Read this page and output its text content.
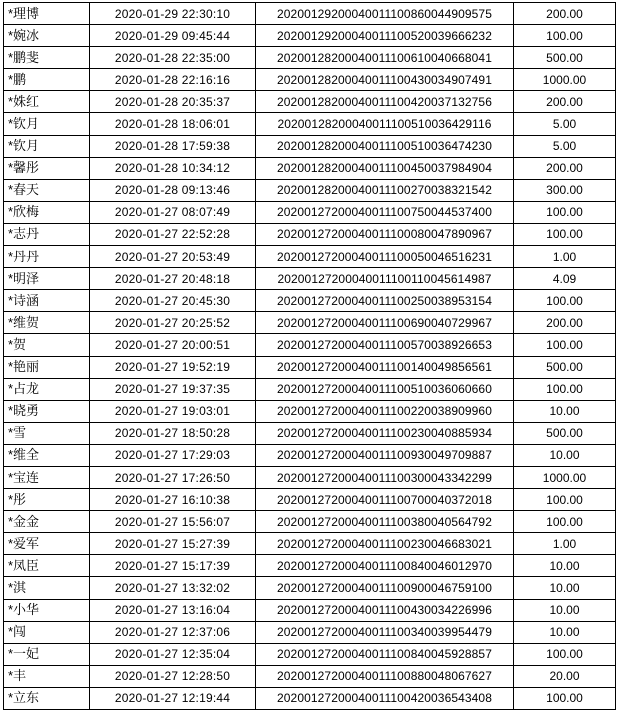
*理博	2020-01-29 22:30:10	20200129200040011100860044909575	200.00
*婉冰	2020-01-29 09:45:44	20200129200040011100520039666232	100.00
*鹏斐	2020-01-28 22:35:00	20200128200040011100610040668041	500.00
*鹏	2020-01-28 22:16:16	20200128200040011100430034907491	1000.00
*姝红	2020-01-28 20:35:37	20200128200040011100420037132756	200.00
*钦月	2020-01-28 18:06:01	20200128200040011100510036429116	5.00
*钦月	2020-01-28 17:59:38	20200128200040011100510036474230	5.00
*馨彤	2020-01-28 10:34:12	20200128200040011100450037984904	200.00
*春天	2020-01-28 09:13:46	20200128200040011100270038321542	300.00
*欣梅	2020-01-27 08:07:49	20200127200040011100750044537400	100.00
*志丹	2020-01-27 22:52:28	20200127200040011100080047890967	100.00
*丹丹	2020-01-27 20:53:49	20200127200040011100050046516231	1.00
*明泽	2020-01-27 20:48:18	20200127200040011100110045614987	4.09
*诗涵	2020-01-27 20:45:30	20200127200040011100250038953154	100.00
*维贺	2020-01-27 20:25:52	20200127200040011100690040729967	200.00
*贺	2020-01-27 20:00:51	20200127200040011100570038926653	100.00
*艳丽	2020-01-27 19:52:19	20200127200040011100140049856561	500.00
*占龙	2020-01-27 19:37:35	20200127200040011100510036060660	100.00
*晓勇	2020-01-27 19:03:01	20200127200040011100220038909960	10.00
*雪	2020-01-27 18:50:28	20200127200040011100230040885934	500.00
*维全	2020-01-27 17:29:03	20200127200040011100930049709887	10.00
*宝连	2020-01-27 17:26:50	20200127200040011100300043342299	1000.00
*彤	2020-01-27 16:10:38	20200127200040011100700040372018	100.00
*金金	2020-01-27 15:56:07	20200127200040011100380040564792	100.00
*爱军	2020-01-27 15:27:39	20200127200040011100230046683021	1.00
*凤臣	2020-01-27 15:17:39	20200127200040011100840046012970	10.00
*淇	2020-01-27 13:32:02	20200127200040011100900046759100	10.00
*小华	2020-01-27 13:16:04	20200127200040011100430034226996	10.00
*闯	2020-01-27 12:37:06	20200127200040011100340039954479	10.00
*一妃	2020-01-27 12:35:04	20200127200040011100840045928857	100.00
*丰	2020-01-27 12:28:50	20200127200040011100880048067627	20.00
*立东	2020-01-27 12:19:44	20200127200040011100420036543408	100.00
